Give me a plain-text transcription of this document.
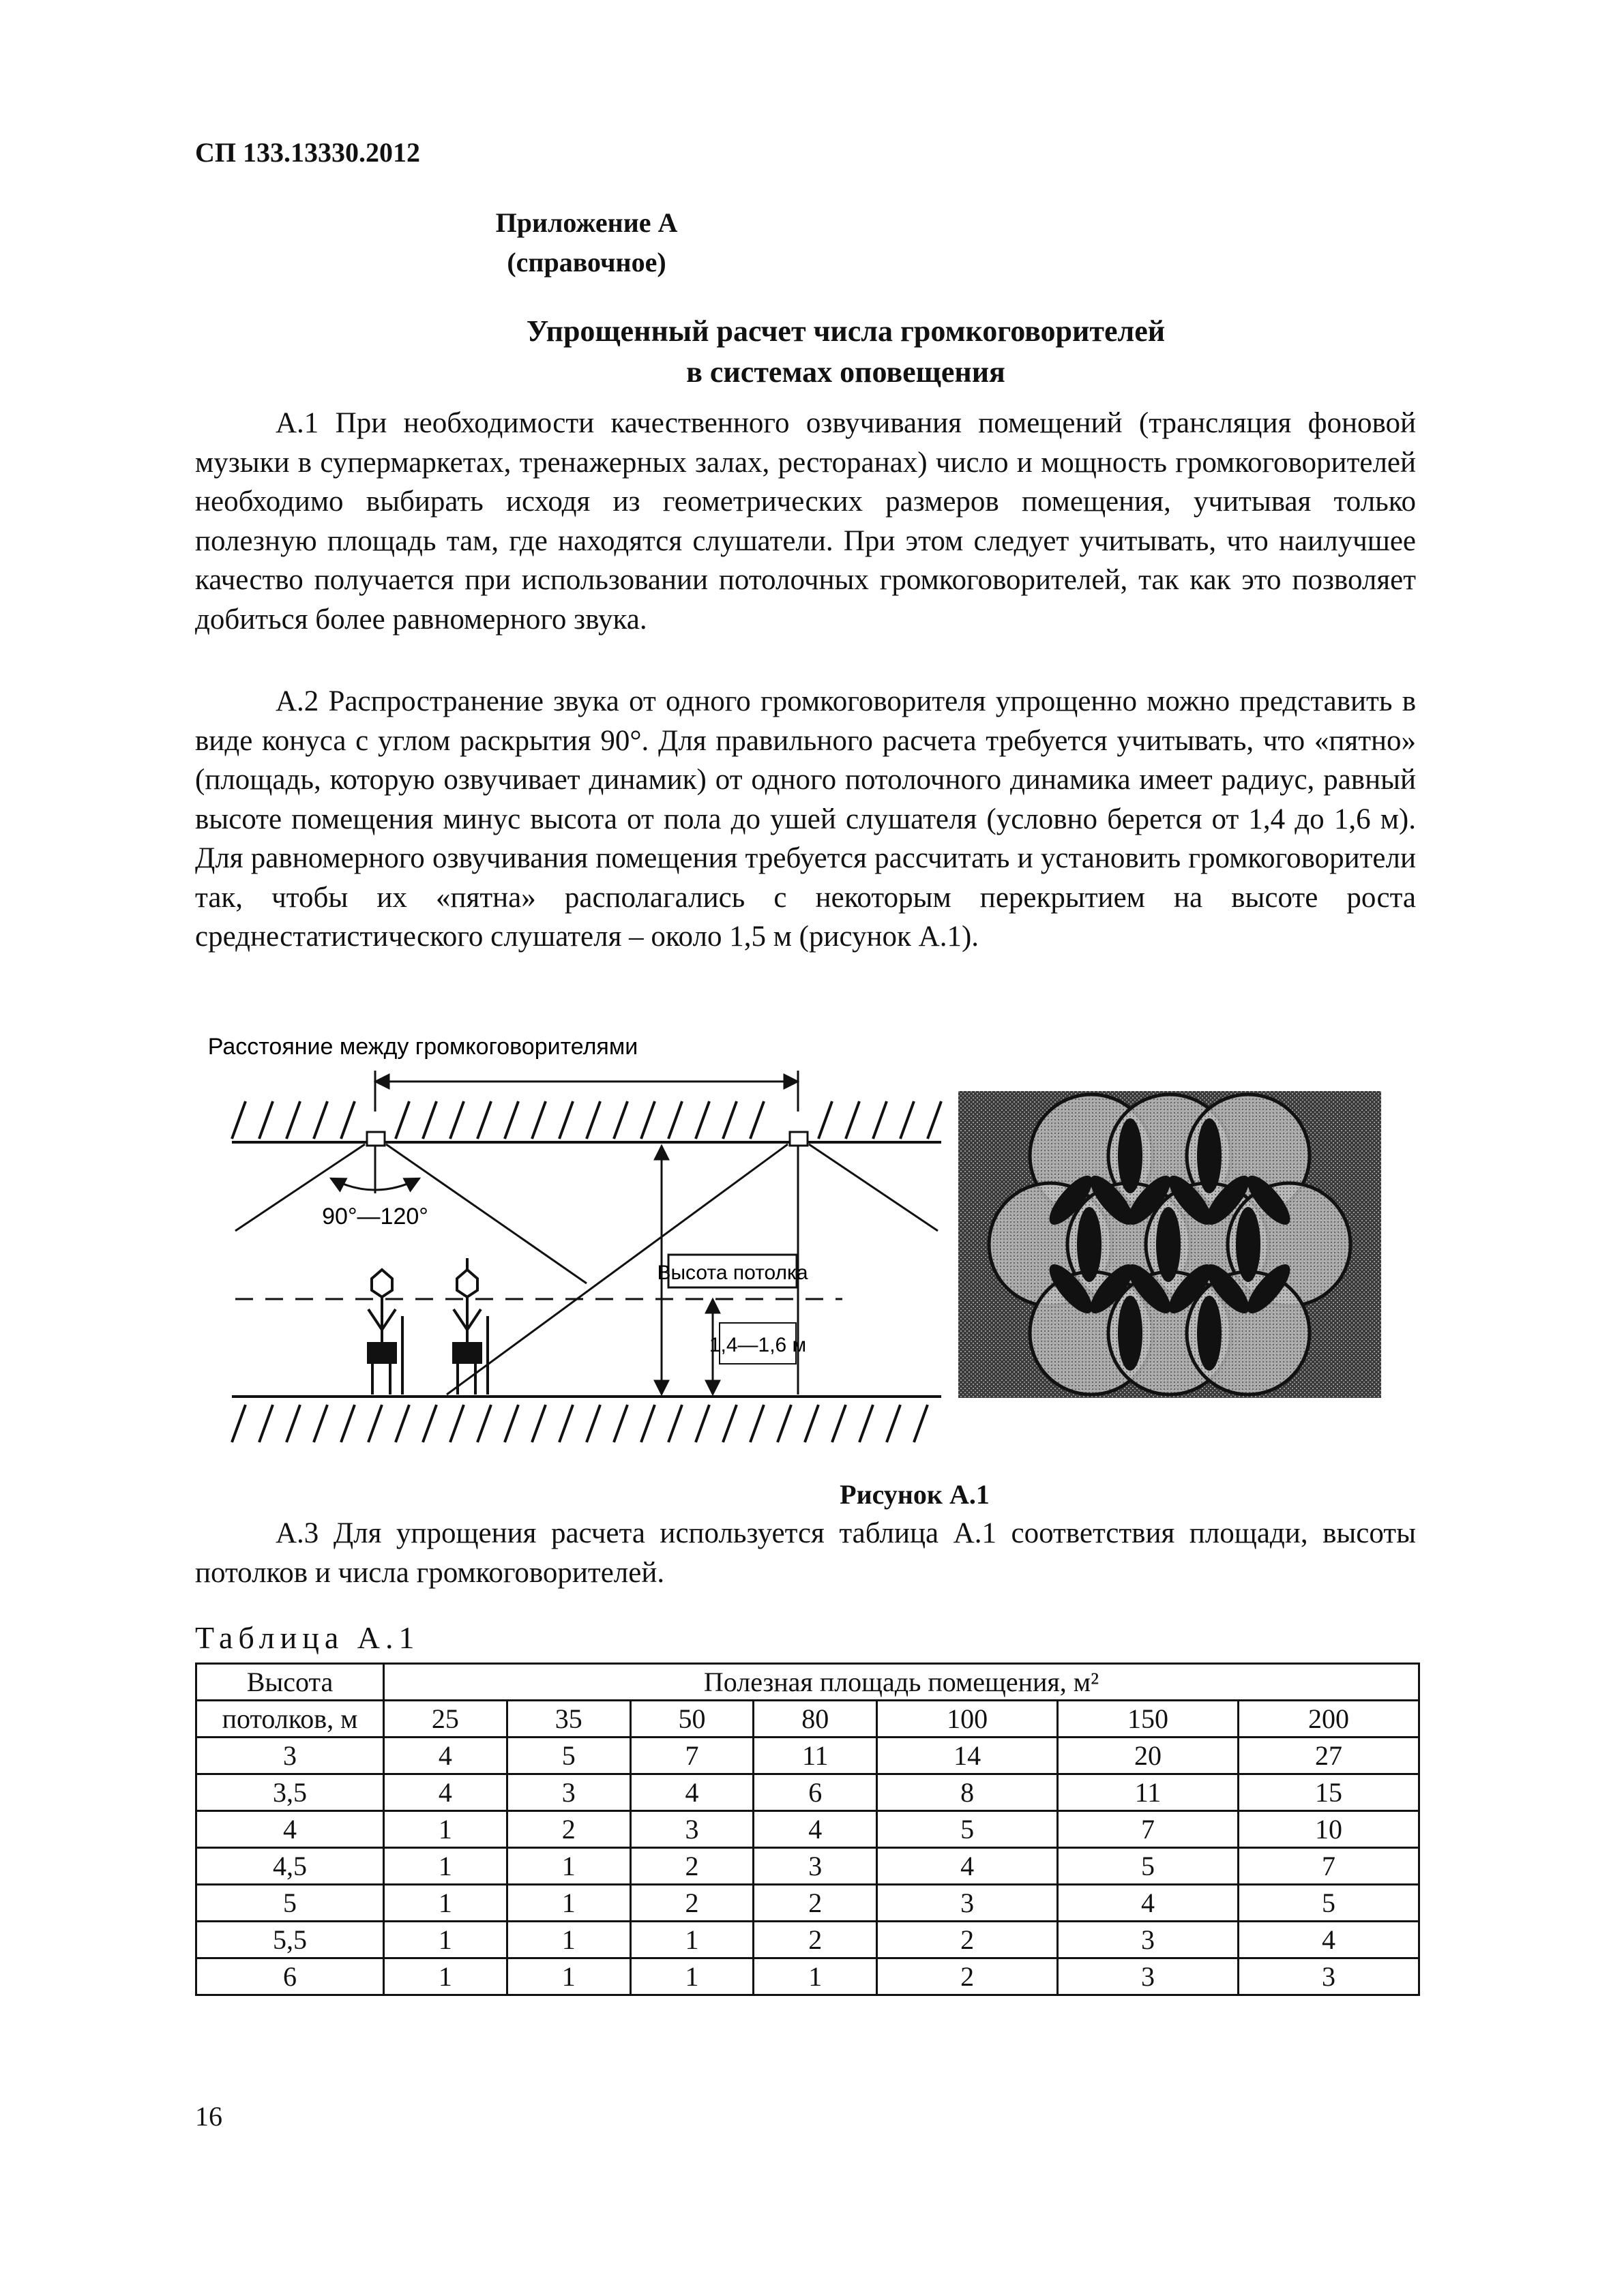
СП 133.13330.2012
Приложение А
(справочное)
Упрощенный расчет числа громкоговорителей
в системах оповещения

А.1 При необходимости качественного озвучивания помещений (трансляция фоновой музыки в супермаркетах, тренажерных залах, ресторанах) число и мощность громкоговорителей необходимо выбирать исходя из геометрических размеров помещения, учитывая только полезную площадь там, где находятся слушатели. При этом следует учитывать, что наилучшее качество получается при использовании потолочных громкоговорителей, так как это позволяет добиться более равномерного звука.

А.2 Распространение звука от одного громкоговорителя упрощенно можно представить в виде конуса с углом раскрытия 90°. Для правильного расчета требуется учитывать, что «пятно» (площадь, которую озвучивает динамик) от одного потолочного динамика имеет радиус, равный высоте помещения минус высота от пола до ушей слушателя (условно берется от 1,4 до 1,6 м). Для равномерного озвучивания помещения требуется рассчитать и установить громкоговорители так, чтобы их «пятна» располагались с некоторым перекрытием на высоте роста среднестатистического слушателя – около 1,5 м (рисунок А.1).

Расстояние между громкоговорителями
90°—120°
Высота потолка
1,4—1,6 м
Рисунок А.1

А.3 Для упрощения расчета используется таблица А.1 соответствия площади, высоты потолков и числа громкоговорителей.

Таблица А.1
Высота	Полезная площадь помещения, м²						
потолков, м	25	35	50	80	100	150	200
3	4	5	7	11	14	20	27
3,5	4	3	4	6	8	11	15
4	1	2	3	4	5	7	10
4,5	1	1	2	3	4	5	7
5	1	1	2	2	3	4	5
5,5	1	1	1	2	2	3	4
6	1	1	1	1	2	3	3
16
